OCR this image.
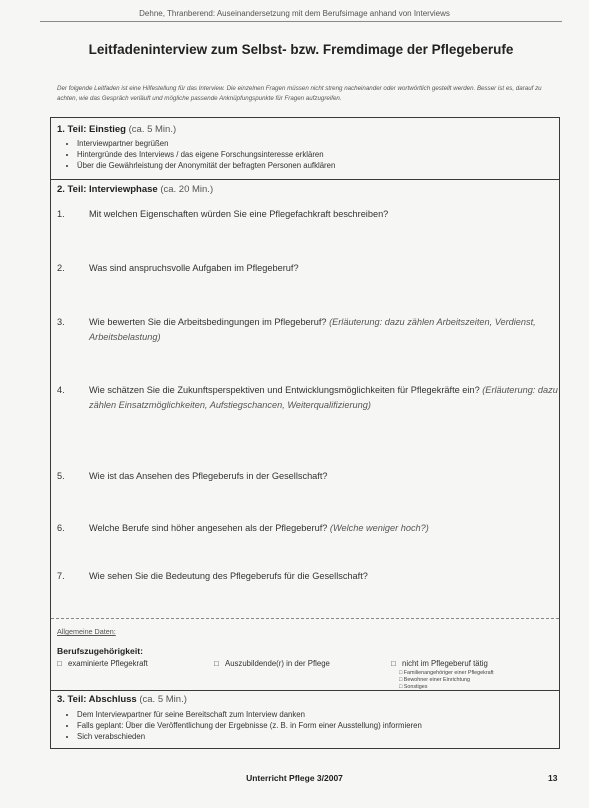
Dehne, Thranberend: Auseinandersetzung mit dem Berufsimage anhand von Interviews
Leitfadeninterview zum Selbst- bzw. Fremdimage der Pflegeberufe
Der folgende Leitfaden ist eine Hilfestellung für das Interview. Die einzelnen Fragen müssen nicht streng nacheinander oder wortwörtlich gestellt werden. Besser ist es, darauf zu achten, wie das Gespräch verläuft und mögliche passende Anknüpfungspunkte für Fragen aufzugreifen.
1. Teil: Einstieg (ca. 5 Min.)
• Interviewpartner begrüßen
• Hintergründe des Interviews / das eigene Forschungsinteresse erklären
• Über die Gewährleistung der Anonymität der befragten Personen aufklären
2. Teil: Interviewphase (ca. 20 Min.)
1.	Mit welchen Eigenschaften würden Sie eine Pflegefachkraft beschreiben?
2.	Was sind anspruchsvolle Aufgaben im Pflegeberuf?
3.	Wie bewerten Sie die Arbeitsbedingungen im Pflegeberuf? (Erläuterung: dazu zählen Arbeitszeiten, Verdienst, Arbeitsbelastung)
4.	Wie schätzen Sie die Zukunftsperspektiven und Entwicklungsmöglichkeiten für Pflegekräfte ein? (Erläuterung: dazu zählen Einsatzmöglichkeiten, Aufstiegschancen, Weiterqualifizierung)
5.	Wie ist das Ansehen des Pflegeberufs in der Gesellschaft?
6.	Welche Berufe sind höher angesehen als der Pflegeberuf? (Welche weniger hoch?)
7.	Wie sehen Sie die Bedeutung des Pflegeberufs für die Gesellschaft?
Allgemeine Daten:
Berufszugehörigkeit:
□ examinierte Pflegekraft	□ Auszubildende(r) in der Pflege	□ nicht im Pflegeberuf tätig
□ Familienangehöriger einer Pflegekraft
□ Bewohner einer Einrichtung
□ Sonstiges
3. Teil: Abschluss (ca. 5 Min.)
• Dem Interviewpartner für seine Bereitschaft zum Interview danken
• Falls geplant: Über die Veröffentlichung der Ergebnisse (z. B. in Form einer Ausstellung) informieren
• Sich verabschieden
Unterricht Pflege 3/2007	13
